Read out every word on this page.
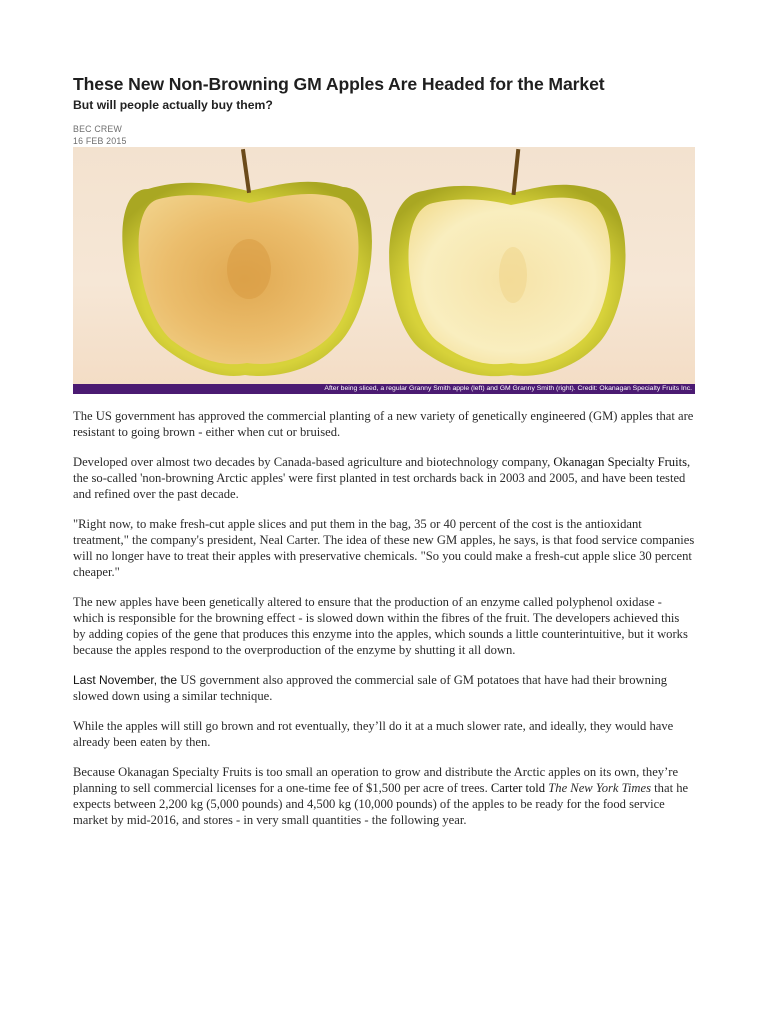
These New Non-Browning GM Apples Are Headed for the Market
But will people actually buy them?
BEC CREW
16 FEB 2015
After being sliced, a regular Granny Smith apple (left) and GM Granny Smith (right). Credit: Okanagan Specialty Fruits Inc.

The US government has approved the commercial planting of a new variety of genetically engineered (GM) apples that are resistant to going brown - either when cut or bruised.

Developed over almost two decades by Canada-based agriculture and biotechnology company, Okanagan Specialty Fruits, the so-called 'non-browning Arctic apples' were first planted in test orchards back in 2003 and 2005, and have been tested and refined over the past decade.

"Right now, to make fresh-cut apple slices and put them in the bag, 35 or 40 percent of the cost is the antioxidant treatment," the company's president, Neal Carter. The idea of these new GM apples, he says, is that food service companies will no longer have to treat their apples with preservative chemicals. "So you could make a fresh-cut apple slice 30 percent cheaper."

The new apples have been genetically altered to ensure that the production of an enzyme called polyphenol oxidase - which is responsible for the browning effect - is slowed down within the fibres of the fruit. The developers achieved this by adding copies of the gene that produces this enzyme into the apples, which sounds a little counterintuitive, but it works because the apples respond to the overproduction of the enzyme by shutting it all down.

Last November, the US government also approved the commercial sale of GM potatoes that have had their browning slowed down using a similar technique.

While the apples will still go brown and rot eventually, they’ll do it at a much slower rate, and ideally, they would have already been eaten by then.

Because Okanagan Specialty Fruits is too small an operation to grow and distribute the Arctic apples on its own, they’re planning to sell commercial licenses for a one-time fee of $1,500 per acre of trees. Carter told The New York Times that he expects between 2,200 kg (5,000 pounds) and 4,500 kg (10,000 pounds) of the apples to be ready for the food service market by mid-2016, and stores - in very small quantities - the following year.
